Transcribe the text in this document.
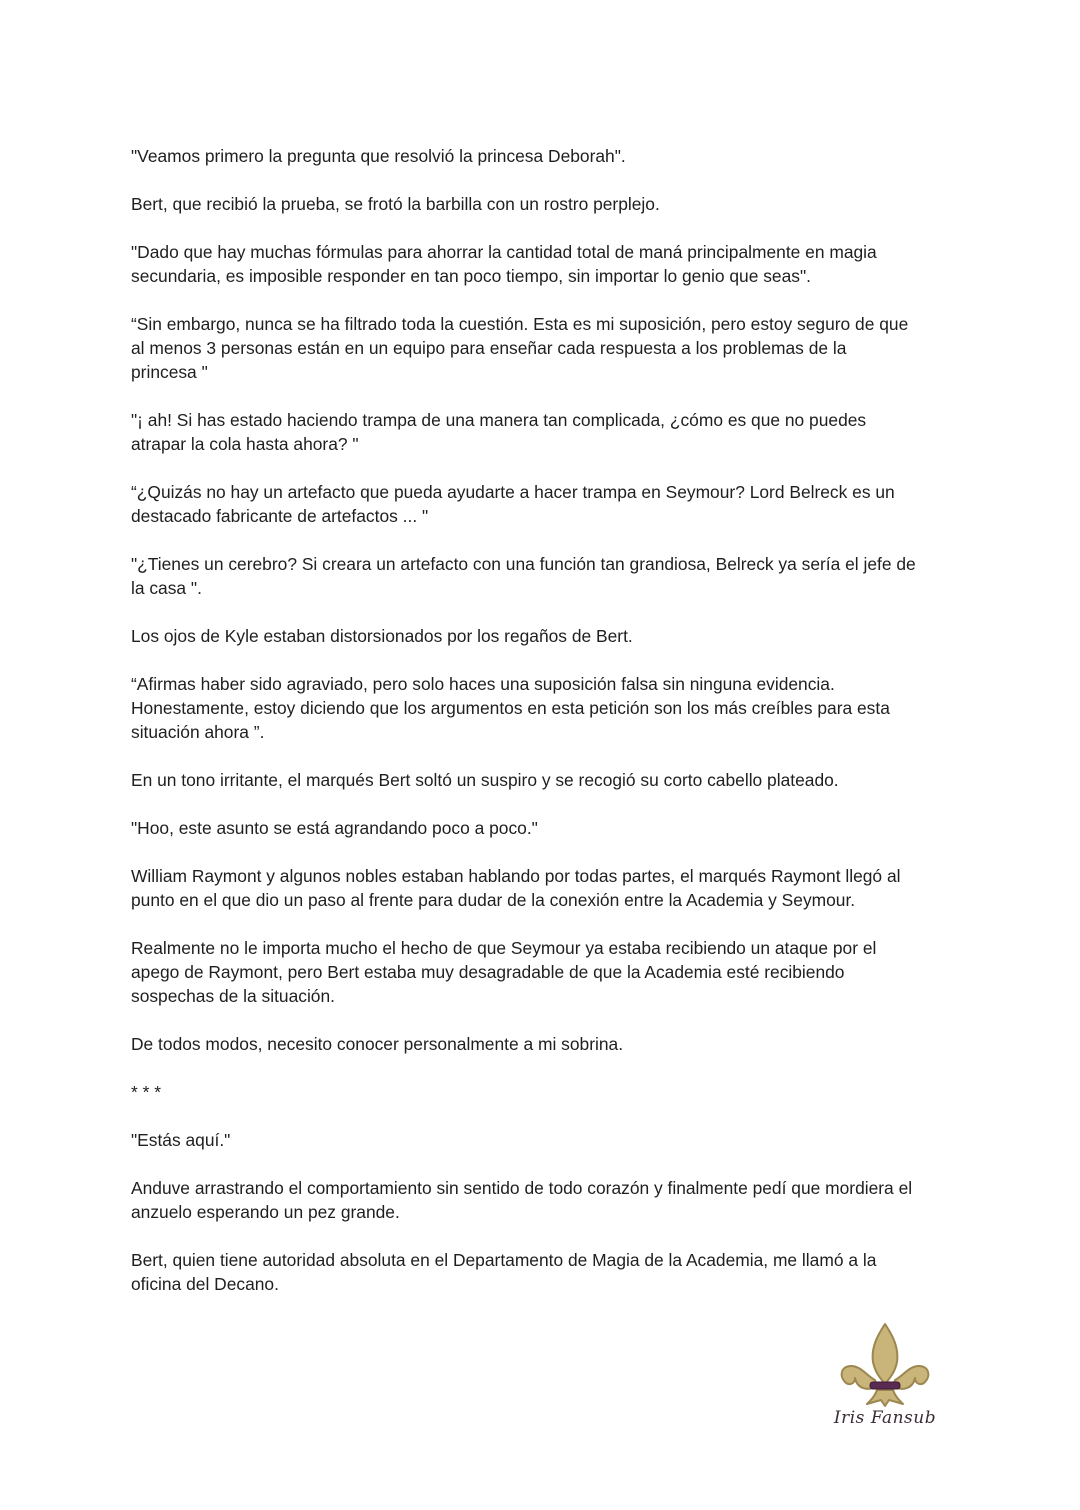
"Veamos primero la pregunta que resolvió la princesa Deborah".

Bert, que recibió la prueba, se frotó la barbilla con un rostro perplejo.

"Dado que hay muchas fórmulas para ahorrar la cantidad total de maná principalmente en magia
secundaria, es imposible responder en tan poco tiempo, sin importar lo genio que seas".

“Sin embargo, nunca se ha filtrado toda la cuestión. Esta es mi suposición, pero estoy seguro de que
al menos 3 personas están en un equipo para enseñar cada respuesta a los problemas de la
princesa "

"¡ ah! Si has estado haciendo trampa de una manera tan complicada, ¿cómo es que no puedes
atrapar la cola hasta ahora? "

“¿Quizás no hay un artefacto que pueda ayudarte a hacer trampa en Seymour? Lord Belreck es un
destacado fabricante de artefactos ... "

"¿Tienes un cerebro? Si creara un artefacto con una función tan grandiosa, Belreck ya sería el jefe de
la casa ".

Los ojos de Kyle estaban distorsionados por los regaños de Bert.

“Afirmas haber sido agraviado, pero solo haces una suposición falsa sin ninguna evidencia.
Honestamente, estoy diciendo que los argumentos en esta petición son los más creíbles para esta
situación ahora ”.

En un tono irritante, el marqués Bert soltó un suspiro y se recogió su corto cabello plateado.

"Hoo, este asunto se está agrandando poco a poco."

William Raymont y algunos nobles estaban hablando por todas partes, el marqués Raymont llegó al
punto en el que dio un paso al frente para dudar de la conexión entre la Academia y Seymour.

Realmente no le importa mucho el hecho de que Seymour ya estaba recibiendo un ataque por el
apego de Raymont, pero Bert estaba muy desagradable de que la Academia esté recibiendo
sospechas de la situación.

De todos modos, necesito conocer personalmente a mi sobrina.

* * *

"Estás aquí."

Anduve arrastrando el comportamiento sin sentido de todo corazón y finalmente pedí que mordiera el
anzuelo esperando un pez grande.

Bert, quien tiene autoridad absoluta en el Departamento de Magia de la Academia, me llamó a la
oficina del Decano.

Iris Fansub
